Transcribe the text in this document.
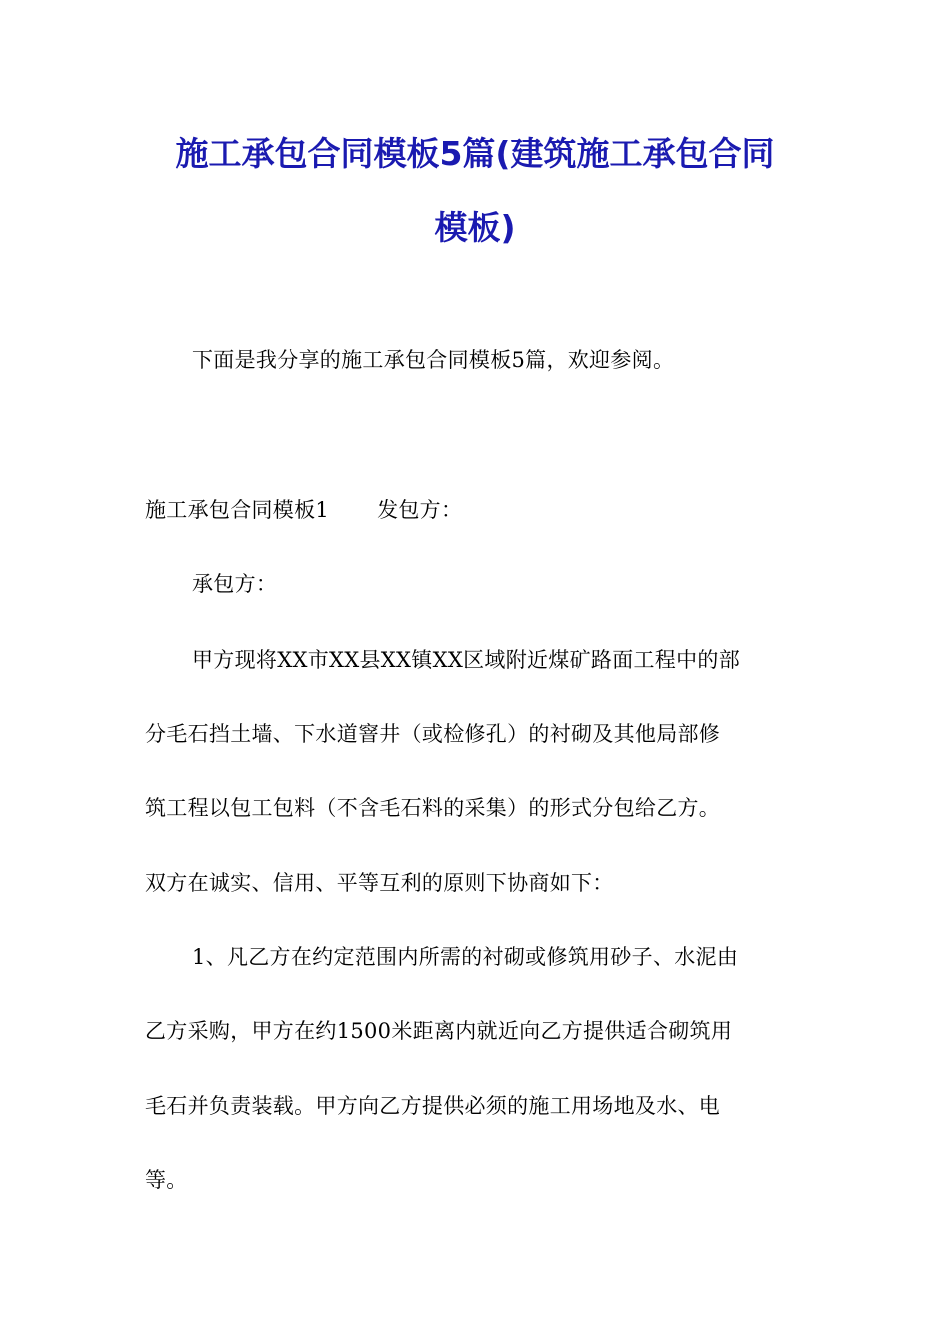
施工承包合同模板5篇(建筑施工承包合同
模板)

下面是我分享的施工承包合同模板5篇，欢迎参阅。

施工承包合同模板1 发包方：

承包方：

甲方现将XX市XX县XX镇XX区域附近煤矿路面工程中的部

分毛石挡土墙、下水道窨井（或检修孔）的衬砌及其他局部修

筑工程以包工包料（不含毛石料的采集）的形式分包给乙方。

双方在诚实、信用、平等互利的原则下协商如下：

1、凡乙方在约定范围内所需的衬砌或修筑用砂子、水泥由

乙方采购，甲方在约1500米距离内就近向乙方提供适合砌筑用

毛石并负责装载。甲方向乙方提供必须的施工用场地及水、电

等。
